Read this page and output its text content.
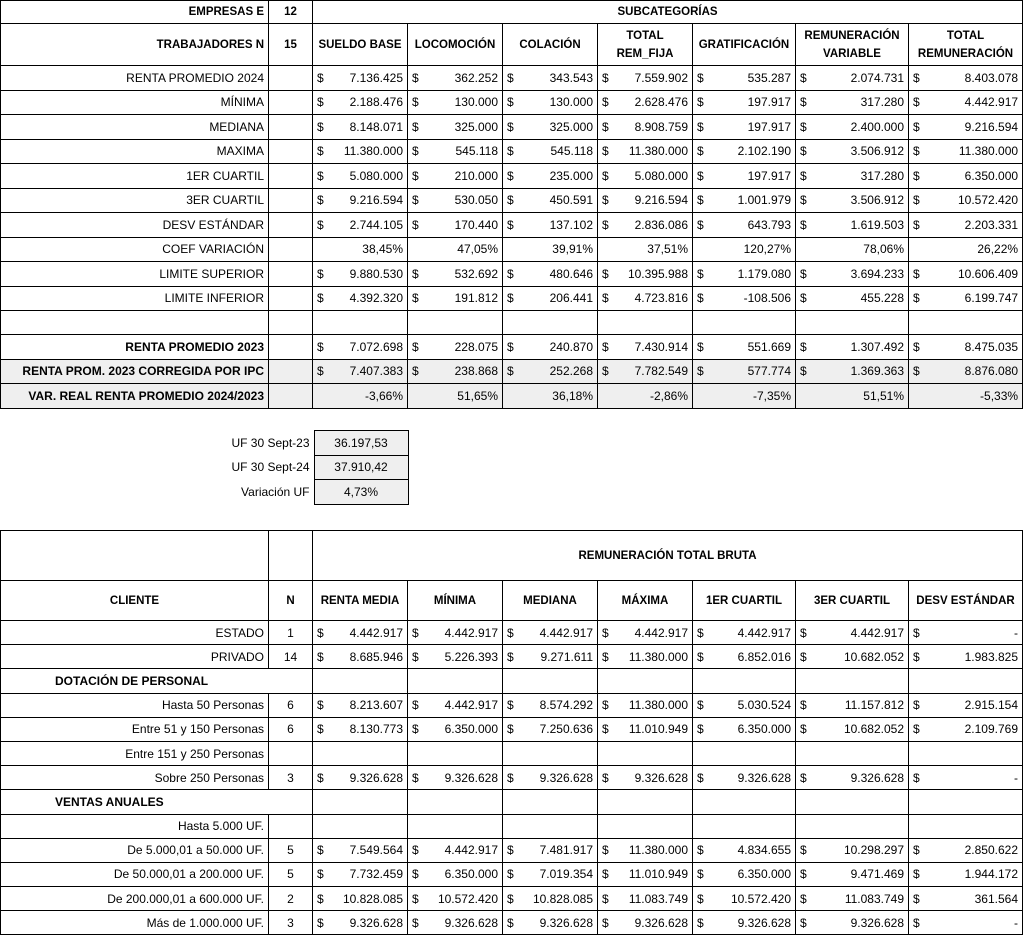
EMPRESAS E	12	SUBCATEGORÍAS						
TRABAJADORES N	15	SUELDO BASE	LOCOMOCIÓN	COLACIÓN	TOTAL REM_FIJA	GRATIFICACIÓN	REMUNERACIÓN VARIABLE	TOTAL REMUNERACIÓN
RENTA PROMEDIO 2024		$ 7.136.425	$ 362.252	$ 343.543	$ 7.559.902	$ 535.287	$ 2.074.731	$ 8.403.078

MÍNIMA		$ 2.188.476	$ 130.000	$ 130.000	$ 2.628.476	$ 197.917	$ 317.280	$ 4.442.917

MEDIANA		$ 8.148.071	$ 325.000	$ 325.000	$ 8.908.759	$ 197.917	$ 2.400.000	$ 9.216.594

MAXIMA		$ 11.380.000	$ 545.118	$ 545.118	$ 11.380.000	$ 2.102.190	$ 3.506.912	$ 11.380.000

1ER CUARTIL		$ 5.080.000	$ 210.000	$ 235.000	$ 5.080.000	$ 197.917	$ 317.280	$ 6.350.000

3ER CUARTIL		$ 9.216.594	$ 530.050	$ 450.591	$ 9.216.594	$ 1.001.979	$ 3.506.912	$ 10.572.420

DESV ESTÁNDAR		$ 2.744.105	$ 170.440	$ 137.102	$ 2.836.086	$ 643.793	$ 1.619.503	$ 2.203.331

COEF VARIACIÓN		38,45%	47,05%	39,91%	37,51%	120,27%	78,06%	26,22%
LIMITE SUPERIOR		$ 9.880.530	$ 532.692	$ 480.646	$ 10.395.988	$ 1.179.080	$ 3.694.233	$ 10.606.409

LIMITE INFERIOR		$ 4.392.320	$ 191.812	$ 206.441	$ 4.723.816	$ -108.506	$ 455.228	$ 6.199.747

RENTA PROMEDIO 2023		$ 7.072.698	$ 228.075	$ 240.870	$ 7.430.914	$ 551.669	$ 1.307.492	$ 8.475.035

RENTA PROM. 2023 CORREGIDA POR IPC		$ 7.407.383	$ 238.868	$ 252.268	$ 7.782.549	$ 577.774	$ 1.369.363	$ 8.876.080

VAR. REAL RENTA PROMEDIO 2024/2023		-3,66%	51,65%	36,18%	-2,86%	-7,35%	51,51%	-5,33%
UF 30 Sept-23	36.197,53
UF 30 Sept-24	37.910,42
Variación UF	4,73%
		REMUNERACIÓN TOTAL BRUTA						
CLIENTE	N	RENTA MEDIA	MÍNIMA	MEDIANA	MÁXIMA	1ER CUARTIL	3ER CUARTIL	DESV ESTÁNDAR
ESTADO	1	$ 4.442.917	$ 4.442.917	$ 4.442.917	$ 4.442.917	$ 4.442.917	$ 4.442.917	$ -

PRIVADO	14	$ 8.685.946	$ 5.226.393	$ 9.271.611	$ 11.380.000	$ 6.852.016	$ 10.682.052	$ 1.983.825

DOTACIÓN DE PERSONAL								
Hasta 50 Personas	6	$ 8.213.607	$ 4.442.917	$ 8.574.292	$ 11.380.000	$ 5.030.524	$ 11.157.812	$ 2.915.154

Entre 51 y 150 Personas	6	$ 8.130.773	$ 6.350.000	$ 7.250.636	$ 11.010.949	$ 6.350.000	$ 10.682.052	$ 2.109.769

Entre 151 y 250 Personas								
Sobre 250 Personas	3	$ 9.326.628	$ 9.326.628	$ 9.326.628	$ 9.326.628	$ 9.326.628	$ 9.326.628	$ -

VENTAS ANUALES								
Hasta 5.000 UF.								
De 5.000,01 a 50.000 UF.	5	$ 7.549.564	$ 4.442.917	$ 7.481.917	$ 11.380.000	$ 4.834.655	$ 10.298.297	$ 2.850.622

De 50.000,01 a 200.000 UF.	5	$ 7.732.459	$ 6.350.000	$ 7.019.354	$ 11.010.949	$ 6.350.000	$ 9.471.469	$ 1.944.172

De 200.000,01 a 600.000 UF.	2	$ 10.828.085	$ 10.572.420	$ 10.828.085	$ 11.083.749	$ 10.572.420	$ 11.083.749	$ 361.564

Más de 1.000.000 UF.	3	$ 9.326.628	$ 9.326.628	$ 9.326.628	$ 9.326.628	$ 9.326.628	$ 9.326.628	$ -
